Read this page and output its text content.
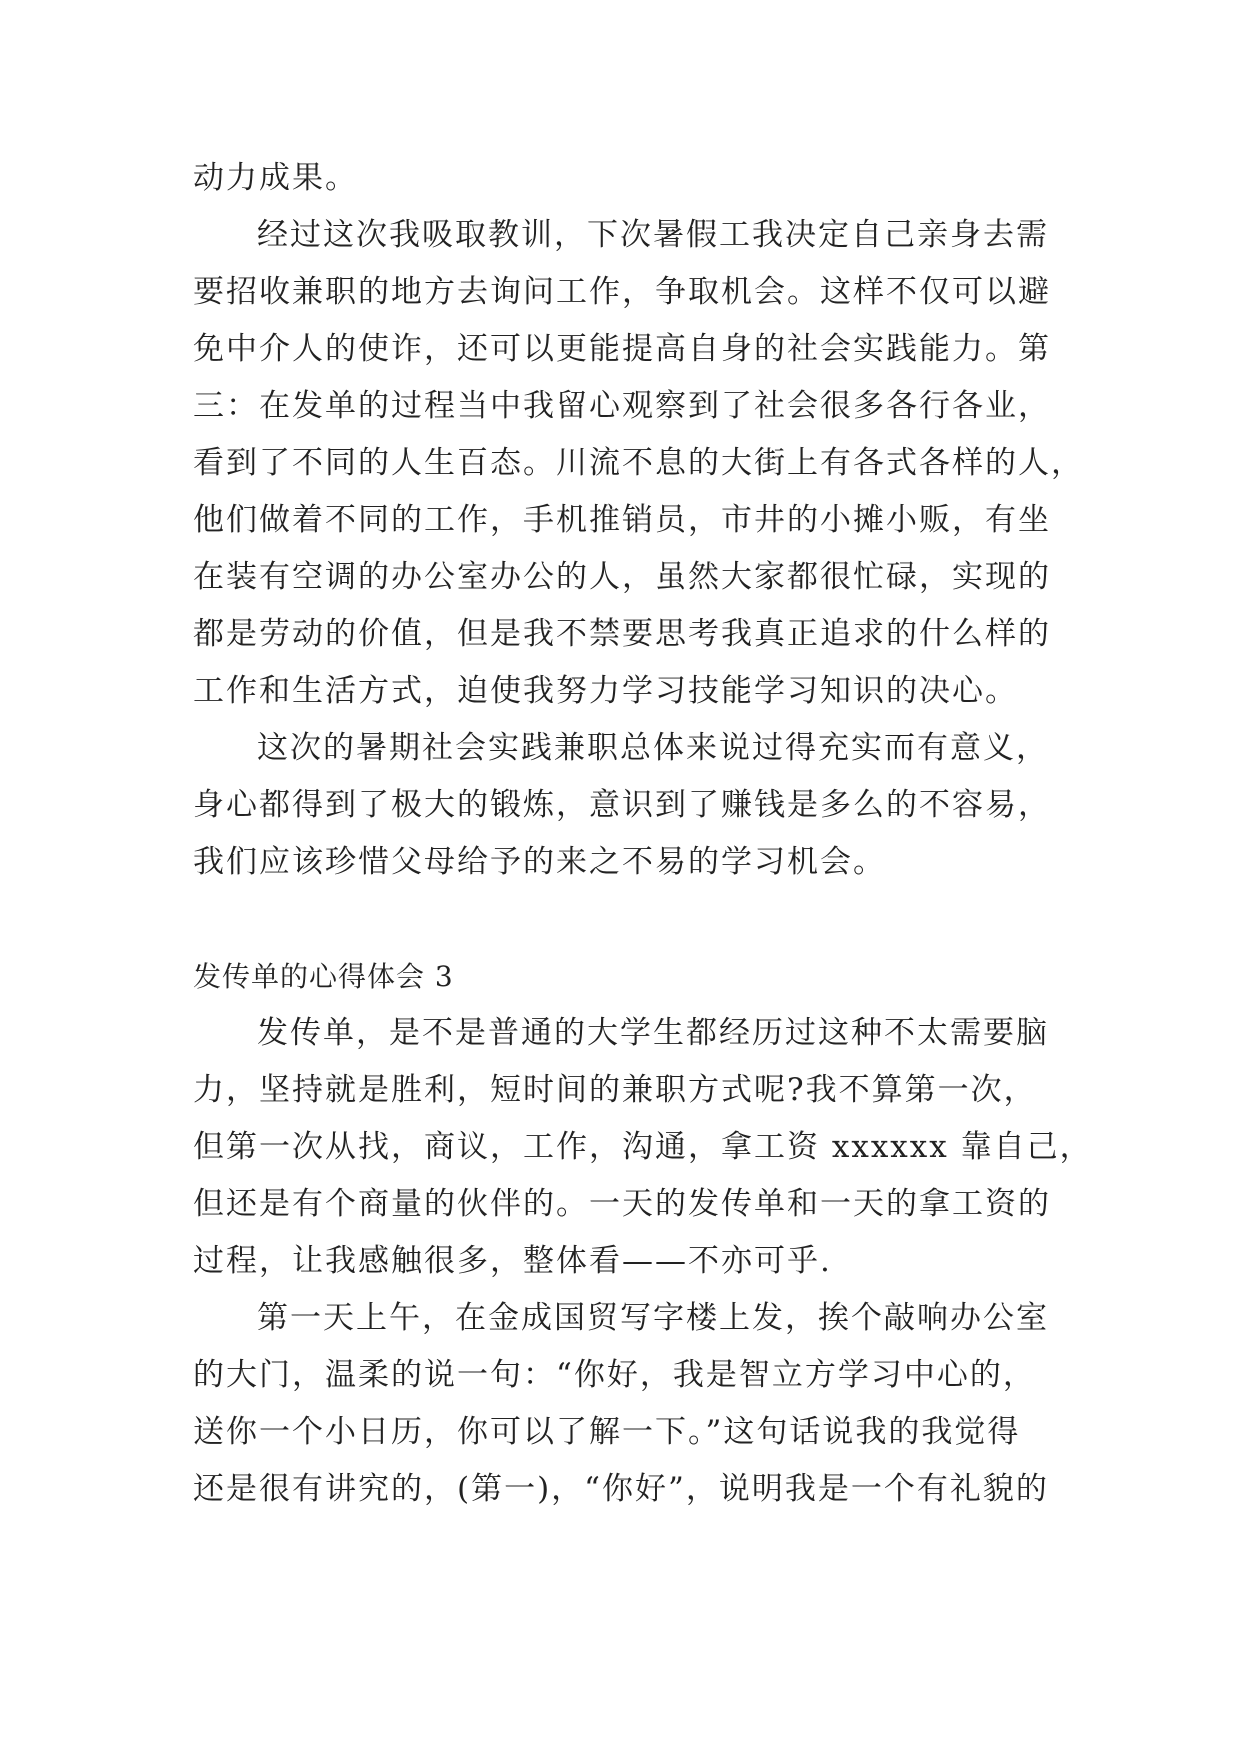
动力成果。
经过这次我吸取教训，下次暑假工我决定自己亲身去需
要招收兼职的地方去询问工作，争取机会。这样不仅可以避
免中介人的使诈，还可以更能提高自身的社会实践能力。第
三：在发单的过程当中我留心观察到了社会很多各行各业，
看到了不同的人生百态。川流不息的大街上有各式各样的人，
他们做着不同的工作，手机推销员，市井的小摊小贩，有坐
在装有空调的办公室办公的人，虽然大家都很忙碌，实现的
都是劳动的价值，但是我不禁要思考我真正追求的什么样的
工作和生活方式，迫使我努力学习技能学习知识的决心。
这次的暑期社会实践兼职总体来说过得充实而有意义，
身心都得到了极大的锻炼，意识到了赚钱是多么的不容易，
我们应该珍惜父母给予的来之不易的学习机会。
发传单的心得体会 3
发传单，是不是普通的大学生都经历过这种不太需要脑
力，坚持就是胜利，短时间的兼职方式呢?我不算第一次，
但第一次从找，商议，工作，沟通，拿工资 xxxxxx 靠自己，
但还是有个商量的伙伴的。一天的发传单和一天的拿工资的
过程，让我感触很多，整体看——不亦可乎.
第一天上午，在金成国贸写字楼上发，挨个敲响办公室
的大门，温柔的说一句：“你好，我是智立方学习中心的，
送你一个小日历，你可以了解一下。”这句话说我的我觉得
还是很有讲究的，(第一)，“你好”，说明我是一个有礼貌的
